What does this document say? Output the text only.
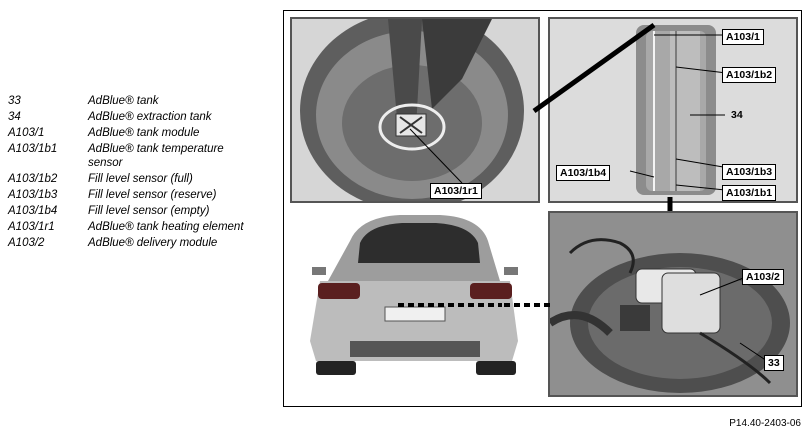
33	AdBlue® tank
34	AdBlue® extraction tank
A103/1	AdBlue® tank module
A103/1b1	AdBlue® tank temperature sensor
A103/1b2	Fill level sensor (full)
A103/1b3	Fill level sensor (reserve)
A103/1b4	Fill level sensor (empty)
A103/1r1	AdBlue® tank heating element
A103/2	AdBlue® delivery module
A103/1r1
A103/1
A103/1b2
34
A103/1b4	A103/1b3
A103/1b1
A103/2
33
P14.40-2403-06
